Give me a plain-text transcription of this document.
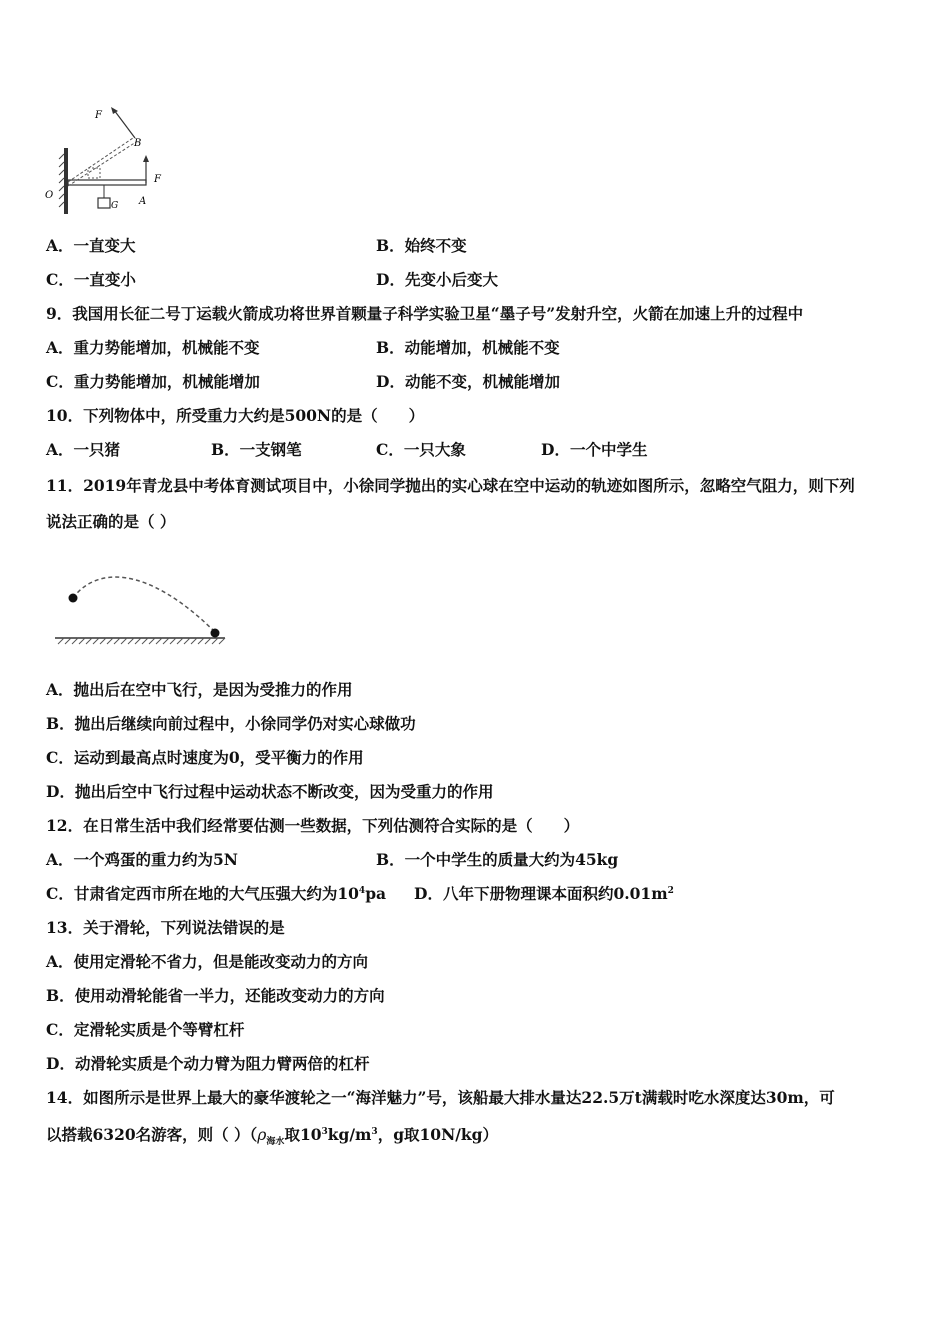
F
B
F
O
G A
A．一直变大	B．始终不变
C．一直变小	D．先变小后变大
9．我国用长征二号丁运载火箭成功将世界首颗量子科学实验卫星“墨子号”发射升空，火箭在加速上升的过程中
A．重力势能增加，机械能不变	B．动能增加，机械能不变
C．重力势能增加，机械能增加	D．动能不变，机械能增加
10．下列物体中，所受重力大约是500N的是（　　）
A．一只猪	B．一支钢笔	C．一只大象	D．一个中学生
11．2019年青龙县中考体育测试项目中，小徐同学抛出的实心球在空中运动的轨迹如图所示，忽略空气阻力，则下列
说法正确的是（ ）
A．抛出后在空中飞行，是因为受推力的作用
B．抛出后继续向前过程中，小徐同学仍对实心球做功
C．运动到最高点时速度为0，受平衡力的作用
D．抛出后空中飞行过程中运动状态不断改变，因为受重力的作用
12．在日常生活中我们经常要估测一些数据，下列估测符合实际的是（　　）
A．一个鸡蛋的重力约为5N	B．一个中学生的质量大约为45kg
C．甘肃省定西市所在地的大气压强大约为$10^4pa$ D．八年下册物理课本面积约$0.01m^2$
13．关于滑轮，下列说法错误的是
A．使用定滑轮不省力，但是能改变动力的方向
B．使用动滑轮能省一半力，还能改变动力的方向
C．定滑轮实质是个等臂杠杆
D．动滑轮实质是个动力臂为阻力臂两倍的杠杆
14．如图所示是世界上最大的豪华渡轮之一“海洋魅力”号，该船最大排水量达22.5万t满载时吃水深度达30m，可
以搭载6320名游客，则（ ）（$\rho_{海水}$取$10^3kg/m^3$，g取10N/kg）
